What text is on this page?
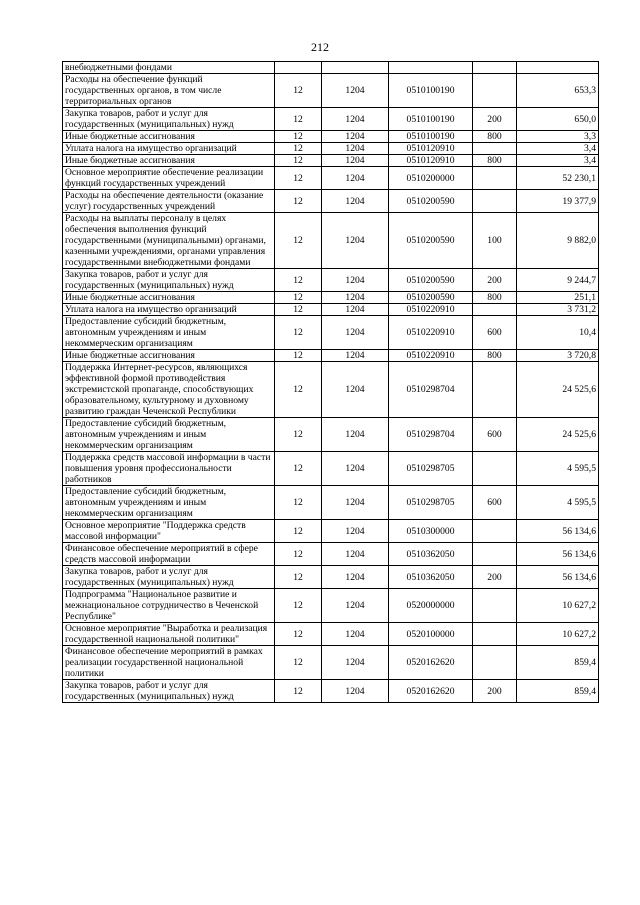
212
внебюджетными фондами					
Расходы на обеспечение функций государственных органов, в том числе территориальных органов	12	1204	0510100190		653,3
Закупка товаров, работ и услуг для государственных (муниципальных) нужд	12	1204	0510100190	200	650,0
Иные бюджетные ассигнования	12	1204	0510100190	800	3,3
Уплата налога на имущество организаций	12	1204	0510120910		3,4
Иные бюджетные ассигнования	12	1204	0510120910	800	3,4
Основное мероприятие обеспечение реализации функций государственных учреждений	12	1204	0510200000		52 230,1
Расходы на обеспечение деятельности (оказание услуг) государственных учреждений	12	1204	0510200590		19 377,9
Расходы на выплаты персоналу в целях обеспечения выполнения функций государственными (муниципальными) органами, казенными учреждениями, органами управления государственными внебюджетными фондами	12	1204	0510200590	100	9 882,0
Закупка товаров, работ и услуг для государственных (муниципальных) нужд	12	1204	0510200590	200	9 244,7
Иные бюджетные ассигнования	12	1204	0510200590	800	251,1
Уплата налога на имущество организаций	12	1204	0510220910		3 731,2
Предоставление субсидий бюджетным, автономным учреждениям и иным некоммерческим организациям	12	1204	0510220910	600	10,4
Иные бюджетные ассигнования	12	1204	0510220910	800	3 720,8
Поддержка Интернет-ресурсов, являющихся эффективной формой противодействия экстремистской пропаганде, способствующих образовательному, культурному и духовному развитию граждан Чеченской Республики	12	1204	0510298704		24 525,6
Предоставление субсидий бюджетным, автономным учреждениям и иным некоммерческим организациям	12	1204	0510298704	600	24 525,6
Поддержка средств массовой информации в части повышения уровня профессиональности работников	12	1204	0510298705		4 595,5
Предоставление субсидий бюджетным, автономным учреждениям и иным некоммерческим организациям	12	1204	0510298705	600	4 595,5
Основное мероприятие "Поддержка средств массовой информации"	12	1204	0510300000		56 134,6
Финансовое обеспечение мероприятий в сфере средств массовой информации	12	1204	0510362050		56 134,6
Закупка товаров, работ и услуг для государственных (муниципальных) нужд	12	1204	0510362050	200	56 134,6
Подпрограмма "Национальное развитие и межнациональное сотрудничество в Чеченской Республике"	12	1204	0520000000		10 627,2
Основное мероприятие "Выработка и реализация государственной национальной политики"	12	1204	0520100000		10 627,2
Финансовое обеспечение мероприятий в рамках реализации государственной национальной политики	12	1204	0520162620		859,4
Закупка товаров, работ и услуг для государственных (муниципальных) нужд	12	1204	0520162620	200	859,4
